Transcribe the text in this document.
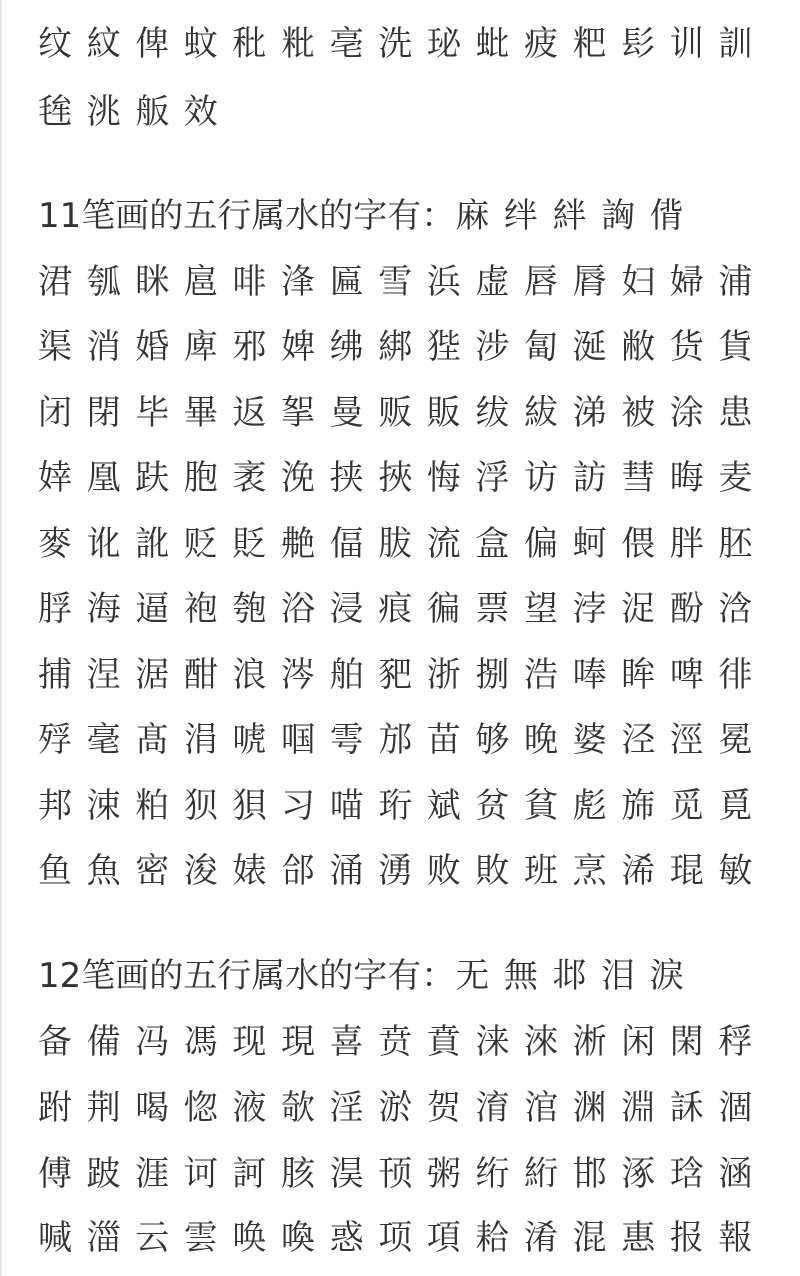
纹紋俾蚊秕粃亳洗珌蚍疲粑髟训訓
毪洮舨效
11笔画的五行属水的字有：麻绊絆詾偝
涒瓠眯扈啡浲匾雪浜虚唇脣妇婦浦
渠消婚庳邪婢绋綁狴涉匐涎敝货貨
闭閉毕畢返挐曼贩販绂紱涕被涂患
婞凰趺胞袤浼挟挾悔浮访訪彗晦麦
麥讹訛贬貶艴偪胈流盒偏蚵偎胖胚
脬海逼袍匏浴浸痕徧票望浡浞酚浛
捕涅涺酣浪涔舶豝浙捌浩唪眸啤徘
殍毫髙涓唬啯雩邡苗够晚婆泾涇冕
邦涑粕狈狽习喵珩斌贫貧彪旆觅覓
鱼魚密浚婊郃涌湧败敗班烹浠琨敏
12笔画的五行属水的字有：无無邶泪淚
备備冯馮现現喜贲賁涞淶淅闲閑稃
跗荆喝惚液欹淫淤贺淯涫渊淵訸涸
傅跛涯诃訶胲淏顸粥绗絎邯涿琀涵
喊湽云雲唤喚惑项項耠淆混惠报報
